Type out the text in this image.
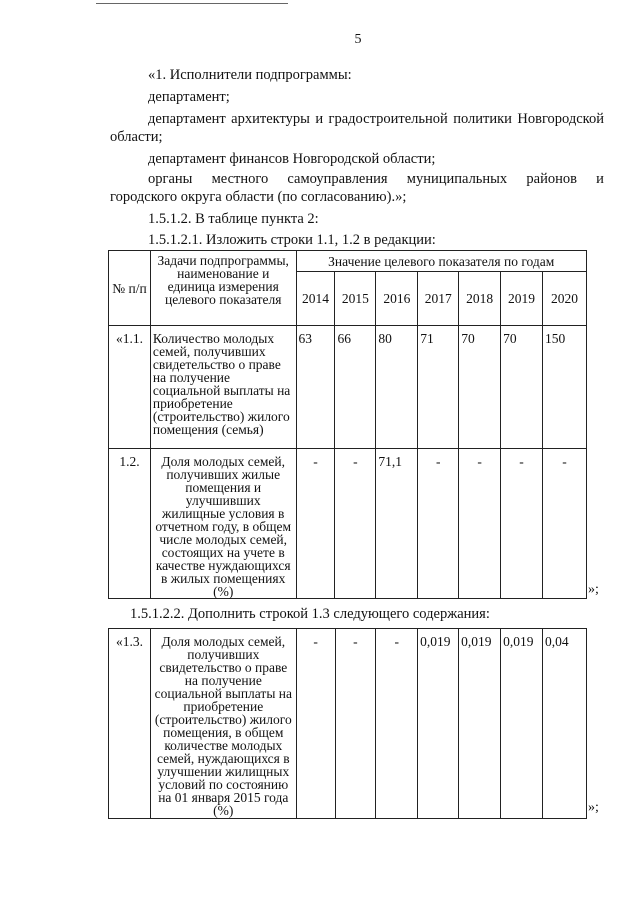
5
«1. Исполнители подпрограммы:
департамент;
департамент архитектуры и градостроительной политики Новгородской
области;
департамент финансов Новгородской области;
органы местного самоуправления муниципальных районов и
городского округа области (по согласованию).»;
1.5.1.2. В таблице пункта 2:
1.5.1.2.1. Изложить строки 1.1, 1.2 в редакции:
№ п/п	Задачи подпрограммы, наименование и единица измерения целевого показателя	Значение целевого показателя по годам						
		2014	2015	2016	2017	2018	2019	2020
«1.1.	Количество молодых семей, получивших свидетельство о праве на получение социальной выплаты на приобретение (строительство) жилого помещения (семья)	63	66	80	71	70	70	150
1.2.	Доля молодых семей, получивших жилые помещения и улучшивших жилищные условия в отчетном году, в общем числе молодых семей, состоящих на учете в качестве нуждающихся в жилых помещениях (%)	-	-	71,1	-	-	-	-
»;
1.5.1.2.2. Дополнить строкой 1.3 следующего содержания:
«1.3.	Доля молодых семей, получивших свидетельство о праве на получение социальной выплаты на приобретение (строительство) жилого помещения, в общем количестве молодых семей, нуждающихся в улучшении жилищных условий по состоянию на 01 января 2015 года (%)	-	-	-	0,019	0,019	0,019	0,04
»;
